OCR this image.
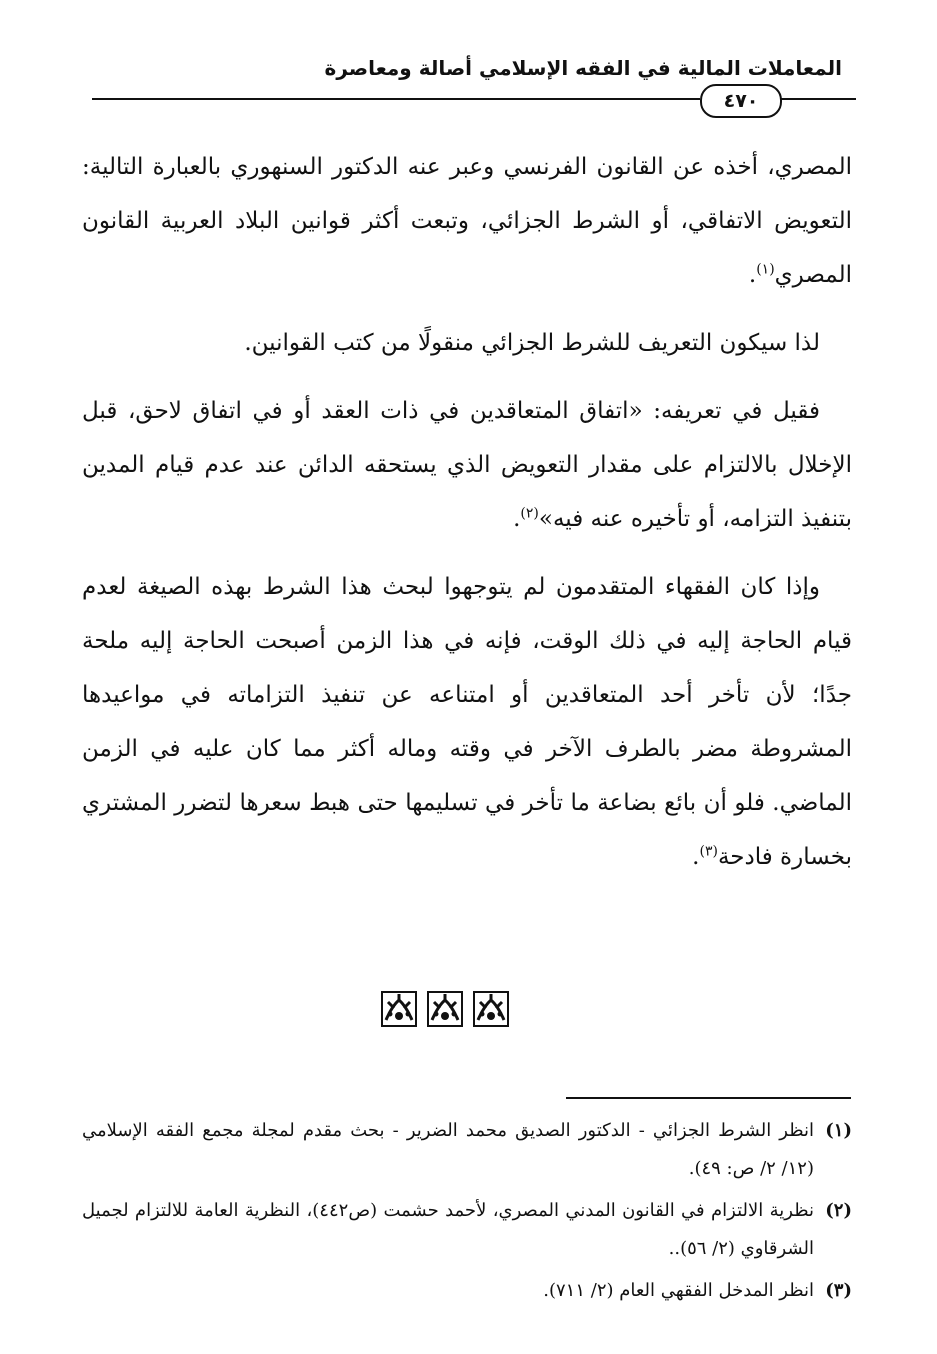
المعاملات المالية في الفقه الإسلامي أصالة ومعاصرة
٤٧٠

المصري، أخذه عن القانون الفرنسي وعبر عنه الدكتور السنهوري بالعبارة التالية: التعويض الاتفاقي، أو الشرط الجزائي، وتبعت أكثر قوانين البلاد العربية القانون المصري$^{(١)}$.

لذا سيكون التعريف للشرط الجزائي منقولًا من كتب القوانين.

فقيل في تعريفه: «اتفاق المتعاقدين في ذات العقد أو في اتفاق لاحق، قبل الإخلال بالالتزام على مقدار التعويض الذي يستحقه الدائن عند عدم قيام المدين بتنفيذ التزامه، أو تأخيره عنه فيه»$^{(٢)}$.

وإذا كان الفقهاء المتقدمون لم يتوجهوا لبحث هذا الشرط بهذه الصيغة لعدم قيام الحاجة إليه في ذلك الوقت، فإنه في هذا الزمن أصبحت الحاجة إليه ملحة جدًا؛ لأن تأخر أحد المتعاقدين أو امتناعه عن تنفيذ التزاماته في مواعيدها المشروطة مضر بالطرف الآخر في وقته وماله أكثر مما كان عليه في الزمن الماضي. فلو أن بائع بضاعة ما تأخر في تسليمها حتى هبط سعرها لتضرر المشتري بخسارة فادحة$^{(٣)}$.

(١)
انظر الشرط الجزائي - الدكتور الصديق محمد الضرير - بحث مقدم لمجلة مجمع الفقه الإسلامي (١٢/ ٢/ ص: ٤٩).
(٢)
نظرية الالتزام في القانون المدني المصري، لأحمد حشمت (ص٤٤٢)، النظرية العامة للالتزام لجميل الشرقاوي (٢/ ٥٦)..
(٣)
انظر المدخل الفقهي العام (٢/ ٧١١).
